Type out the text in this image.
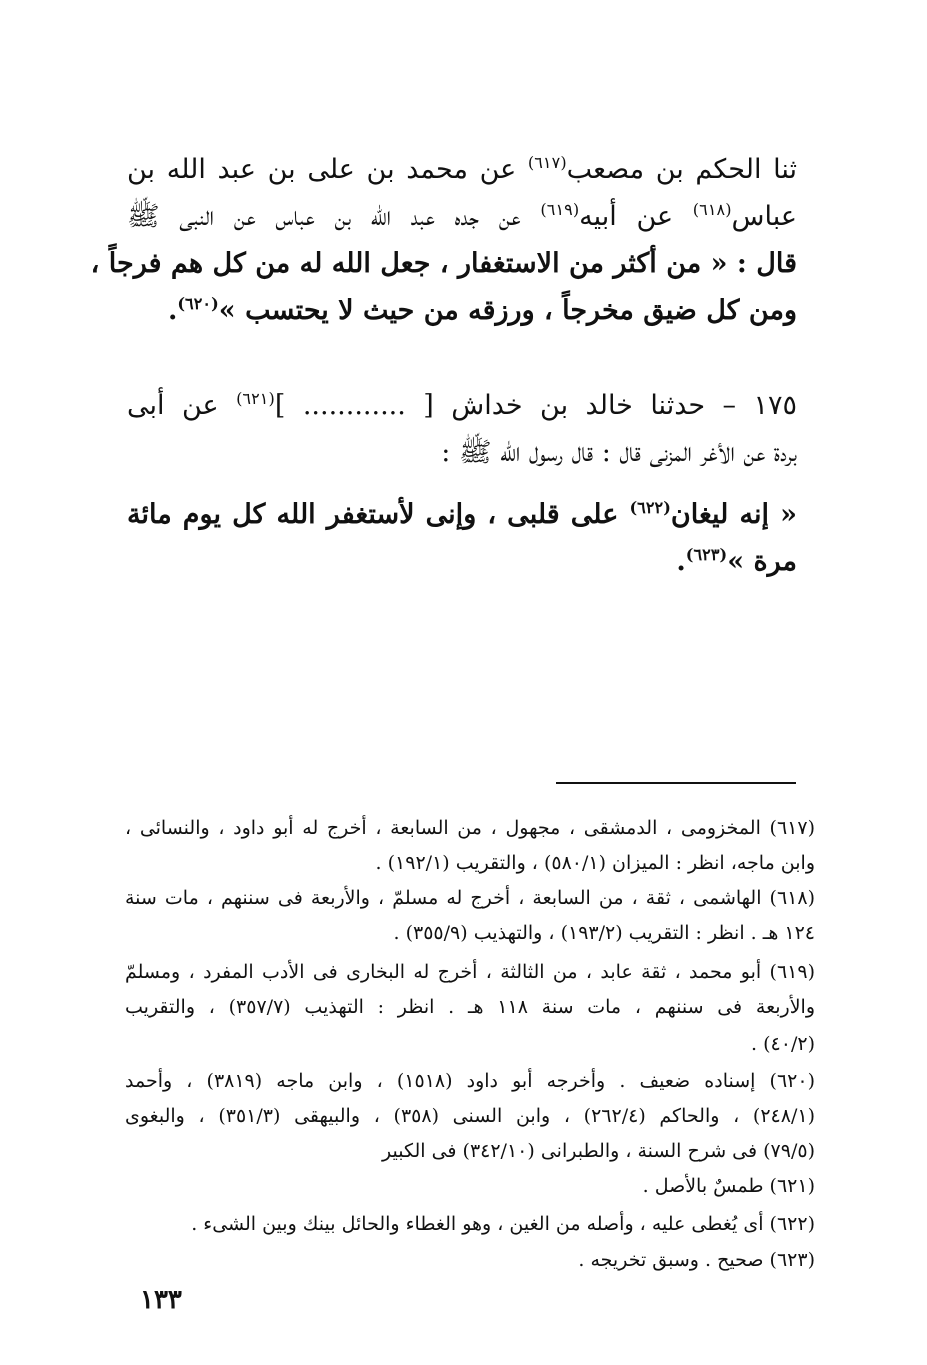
ثنا الحكم بن مصعب$^{(٦١٧)}$ عن محمد بن على بن عبد الله بن
عباس$^{(٦١٨)}$ عن أبيه$^{(٦١٩)}$ عن جده عبد الله بن عباس عن النبى ﷺ
قال : « من أكثر من الاستغفار ، جعل الله له من كل هم فرجاً ،
ومن كل ضيق مخرجاً ، ورزقه من حيث لا يحتسب »$^{(٦٢٠)}$.
١٧٥ – حدثنا خالد بن خداش [ ............ ]$^{(٦٢١)}$ عن أبى
بردة عن الأغر المزنى قال : قال رسول الله ﷺ :
« إنه ليغان$^{(٦٢٢)}$ على قلبى ، وإنى لأستغفر الله كل يوم مائة
مرة »$^{(٦٢٣)}$.
(٦١٧) المخزومى ، الدمشقى ، مجهول ، من السابعة ، أخرج له أبو داود ، والنسائى ،
وابن ماجه، انظر : الميزان (٥٨٠/١) ، والتقريب (١٩٢/١) .
(٦١٨) الهاشمى ، ثقة ، من السابعة ، أخرج له مسلمّ ، والأربعة فى سننهم ، مات سنة
١٢٤ هـ . انظر : التقريب (١٩٣/٢) ، والتهذيب (٣٥٥/٩) .
(٦١٩) أبو محمد ، ثقة عابد ، من الثالثة ، أخرج له البخارى فى الأدب المفرد ، ومسلمّ
والأربعة فى سننهم ، مات سنة ١١٨ هـ . انظر : التهذيب (٣٥٧/٧) ، والتقريب
(٤٠/٢) .
(٦٢٠) إسناده ضعيف . وأخرجه أبو داود (١٥١٨) ، وابن ماجه (٣٨١٩) ، وأحمد
(٢٤٨/١) ، والحاكم (٢٦٢/٤) ، وابن السنى (٣٥٨) ، والبيهقى (٣٥١/٣) ، والبغوى
(٧٩/٥) فى شرح السنة ، والطبرانى (٣٤٢/١٠) فى الكبير
(٦٢١) طمسٌ بالأصل .
(٦٢٢) أى يُغطى عليه ، وأصله من الغين ، وهو الغطاء والحائل بينك وبين الشىء .
(٦٢٣) صحيح . وسبق تخريجه .
١٣٣
